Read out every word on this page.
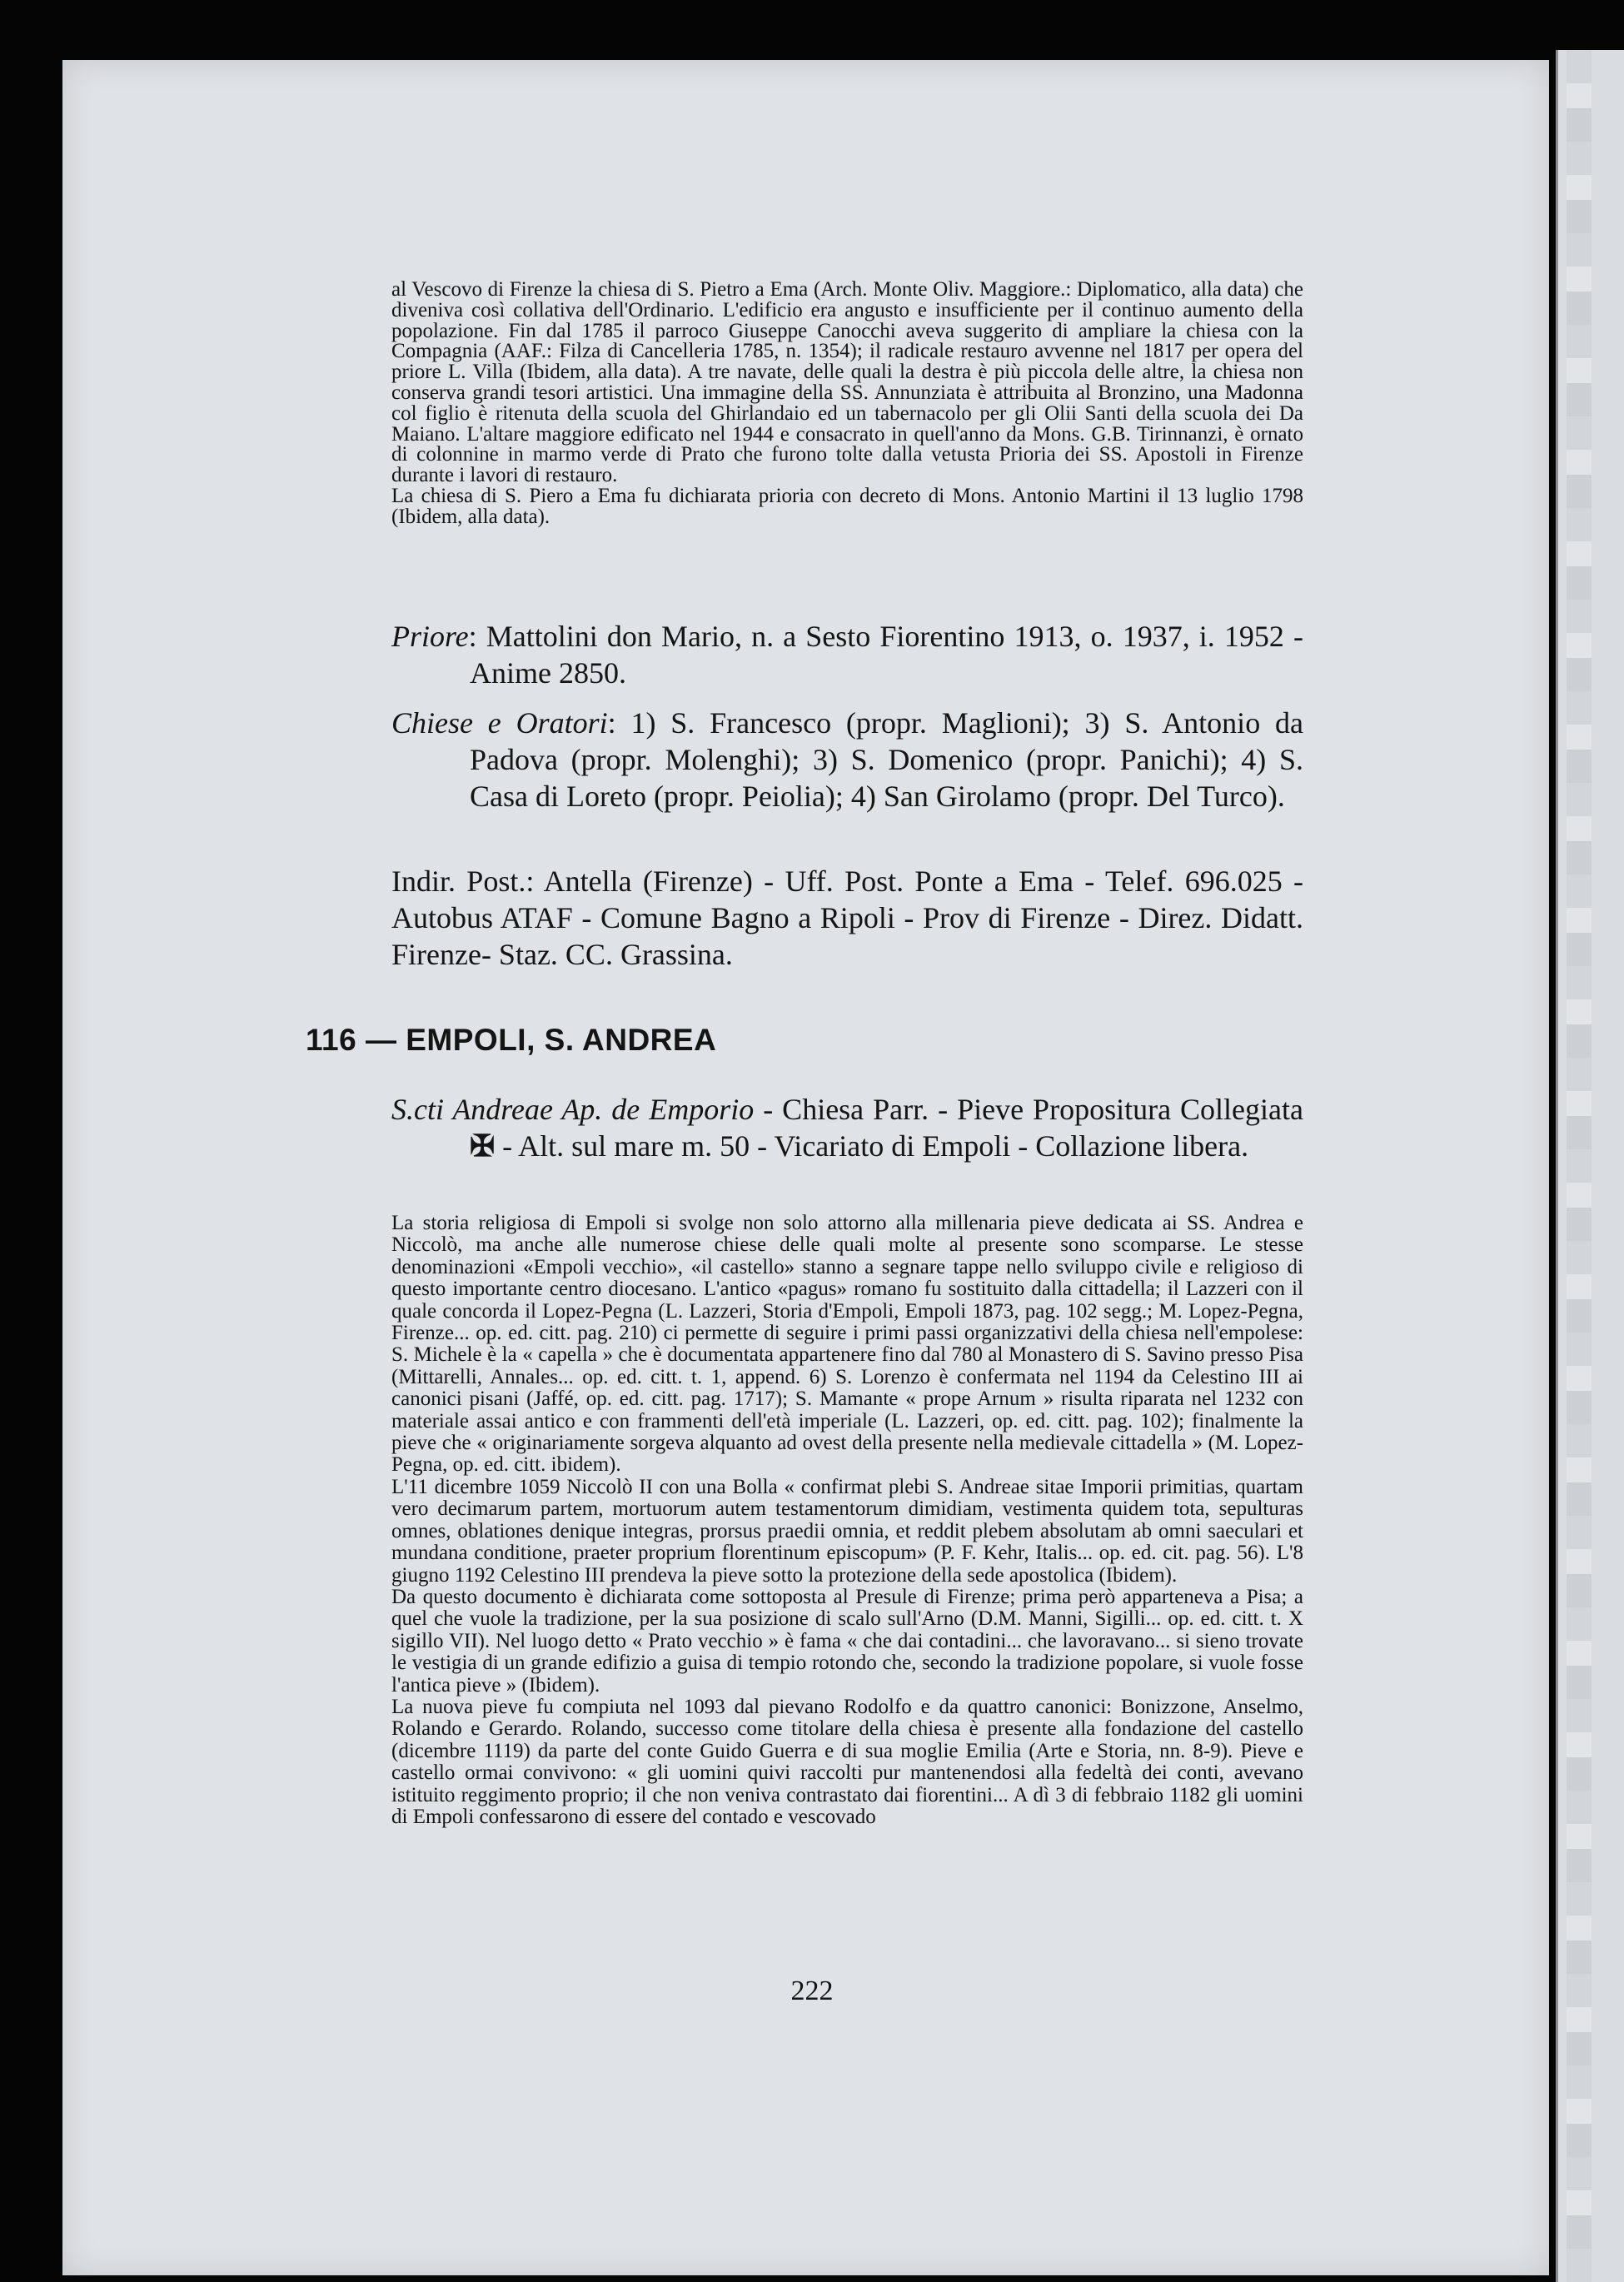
al Vescovo di Firenze la chiesa di S. Pietro a Ema (Arch. Monte Oliv. Maggiore.: Diplomatico, alla data) che diveniva così collativa dell'Ordinario. L'edificio era angusto e insufficiente per il continuo aumento della popolazione. Fin dal 1785 il parroco Giuseppe Canocchi aveva suggerito di ampliare la chiesa con la Compagnia (AAF.: Filza di Cancelleria 1785, n. 1354); il radicale restauro avvenne nel 1817 per opera del priore L. Villa (Ibidem, alla data). A tre navate, delle quali la destra è più piccola delle altre, la chiesa non conserva grandi tesori artistici. Una immagine della SS. Annunziata è attribuita al Bronzino, una Madonna col figlio è ritenuta della scuola del Ghirlandaio ed un tabernacolo per gli Olii Santi della scuola dei Da Maiano. L'altare maggiore edificato nel 1944 e consacrato in quell'anno da Mons. G.B. Tirinnanzi, è ornato di colonnine in marmo verde di Prato che furono tolte dalla vetusta Prioria dei SS. Apostoli in Firenze durante i lavori di restauro.

La chiesa di S. Piero a Ema fu dichiarata prioria con decreto di Mons. Antonio Martini il 13 luglio 1798 (Ibidem, alla data).

Priore: Mattolini don Mario, n. a Sesto Fiorentino 1913, o. 1937, i. 1952 - Anime 2850.

Chiese e Oratori: 1) S. Francesco (propr. Maglioni); 3) S. Antonio da Padova (propr. Molenghi); 3) S. Domenico (propr. Panichi); 4) S. Casa di Loreto (propr. Peiolia); 4) San Girolamo (propr. Del Turco).

Indir. Post.: Antella (Firenze) - Uff. Post. Ponte a Ema - Telef. 696.025 - Autobus ATAF - Comune Bagno a Ripoli - Prov di Firenze - Direz. Didatt. Firenze- Staz. CC. Grassina.

116 — EMPOLI, S. ANDREA

S.cti Andreae Ap. de Emporio - Chiesa Parr. - Pieve Propositura Collegiata ✠ - Alt. sul mare m. 50 - Vicariato di Empoli - Collazione libera.

La storia religiosa di Empoli si svolge non solo attorno alla millenaria pieve dedicata ai SS. Andrea e Niccolò, ma anche alle numerose chiese delle quali molte al presente sono scomparse. Le stesse denominazioni «Empoli vecchio», «il castello» stanno a segnare tappe nello sviluppo civile e religioso di questo importante centro diocesano. L'antico «pagus» romano fu sostituito dalla cittadella; il Lazzeri con il quale concorda il Lopez-Pegna (L. Lazzeri, Storia d'Empoli, Empoli 1873, pag. 102 segg.; M. Lopez-Pegna, Firenze... op. ed. citt. pag. 210) ci permette di seguire i primi passi organizzativi della chiesa nell'empolese: S. Michele è la « capella » che è documentata appartenere fino dal 780 al Monastero di S. Savino presso Pisa (Mittarelli, Annales... op. ed. citt. t. 1, append. 6) S. Lorenzo è confermata nel 1194 da Celestino III ai canonici pisani (Jaffé, op. ed. citt. pag. 1717); S. Mamante « prope Arnum » risulta riparata nel 1232 con materiale assai antico e con frammenti dell'età imperiale (L. Lazzeri, op. ed. citt. pag. 102); finalmente la pieve che « originariamente sorgeva alquanto ad ovest della presente nella medievale cittadella » (M. Lopez-Pegna, op. ed. citt. ibidem).

L'11 dicembre 1059 Niccolò II con una Bolla « confirmat plebi S. Andreae sitae Imporii primitias, quartam vero decimarum partem, mortuorum autem testamentorum dimidiam, vestimenta quidem tota, sepulturas omnes, oblationes denique integras, prorsus praedii omnia, et reddit plebem absolutam ab omni saeculari et mundana conditione, praeter proprium florentinum episcopum» (P. F. Kehr, Italis... op. ed. cit. pag. 56). L'8 giugno 1192 Celestino III prendeva la pieve sotto la protezione della sede apostolica (Ibidem).

Da questo documento è dichiarata come sottoposta al Presule di Firenze; prima però apparteneva a Pisa; a quel che vuole la tradizione, per la sua posizione di scalo sull'Arno (D.M. Manni, Sigilli... op. ed. citt. t. X sigillo VII). Nel luogo detto « Prato vecchio » è fama « che dai contadini... che lavoravano... si sieno trovate le vestigia di un grande edifizio a guisa di tempio rotondo che, secondo la tradizione popolare, si vuole fosse l'antica pieve » (Ibidem).

La nuova pieve fu compiuta nel 1093 dal pievano Rodolfo e da quattro canonici: Bonizzone, Anselmo, Rolando e Gerardo. Rolando, successo come titolare della chiesa è presente alla fondazione del castello (dicembre 1119) da parte del conte Guido Guerra e di sua moglie Emilia (Arte e Storia, nn. 8-9). Pieve e castello ormai convivono: « gli uomini quivi raccolti pur mantenendosi alla fedeltà dei conti, avevano istituito reggimento proprio; il che non veniva contrastato dai fiorentini... A dì 3 di febbraio 1182 gli uomini di Empoli confessarono di essere del contado e vescovado

222
